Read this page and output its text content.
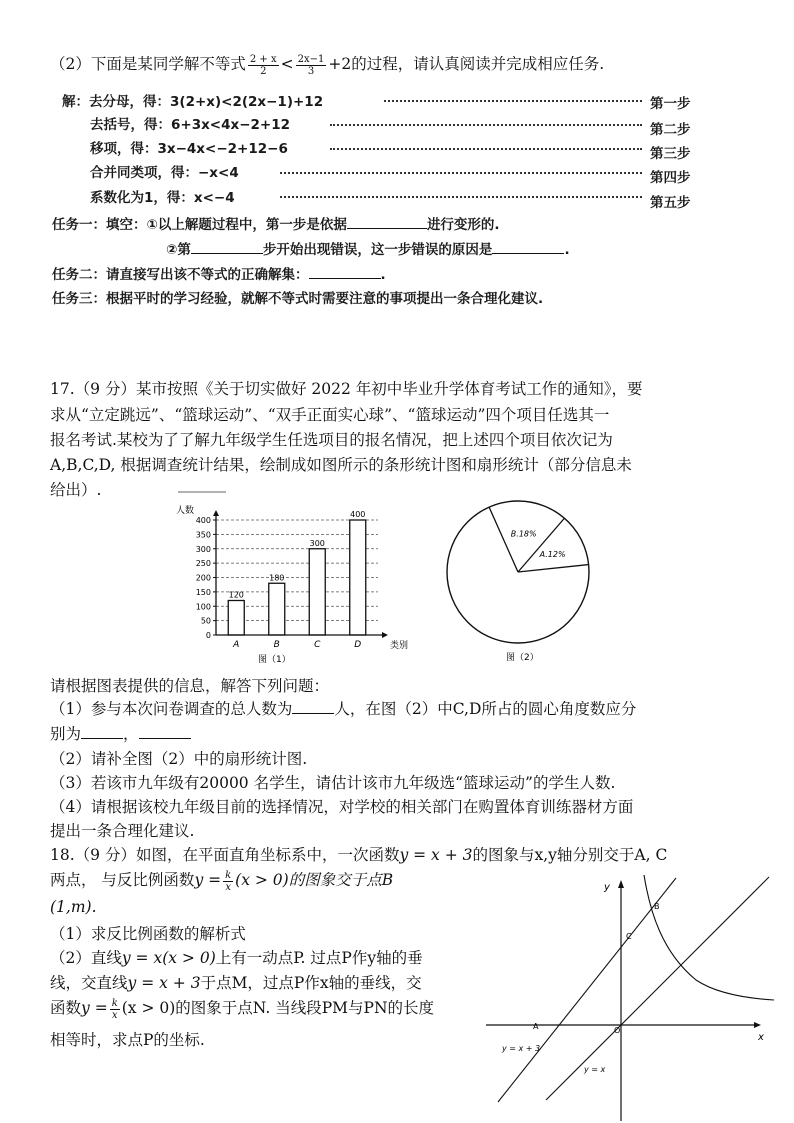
（2）下面是某同学解不等式 $\frac{2 + x}{2} < \frac{2x-1}{3} +2$的过程，请认真阅读并完成相应任务.
解：去分母，得：3(2+x)<2(2x−1)+12	第一步
去括号，得：6+3x<4x−2+12	第二步
移项，得：3x−4x<−2+12−6	第三步
合并同类项，得：−x<4	第四步
系数化为1，得：x<−4	第五步
任务一：填空：①以上解题过程中，第一步是依据	进行变形的.
②第	步开始出现错误，这一步错误的原因是	.
任务二：请直接写出该不等式的正确解集：	.
任务三：根据平时的学习经验，就解不等式时需要注意的事项提出一条合理化建议.
17.（9 分）某市按照《关于切实做好 2022 年初中毕业升学体育考试工作的通知》，要
求从“立定跳远”、“篮球运动”、“双手正面实心球”、“篮球运动”四个项目任选其一
报名考试.某校为了了解九年级学生任选项目的报名情况，把上述四个项目依次记为
A,B,C,D, 根据调查统计结果，绘制成如图所示的条形统计图和扇形统计（部分信息未
给出）.
人数
0
50
100
150
200
250
300
350
400
120
A
180
B
300
C
400
D	类别
图（1）
A.12%
B.18%
图（2）
请根据图表提供的信息，解答下列问题：
（1）参与本次问卷调查的总人数为	人，在图（2）中C,D所占的圆心角度数应分
别为	，
（2）请补全图（2）中的扇形统计图.
（3）若该市九年级有20000 名学生，请估计该市九年级选“篮球运动”的学生人数.
（4）请根据该校九年级目前的选择情况，对学校的相关部门在购置体育训练器材方面
提出一条合理化建议.
18.（9 分）如图，在平面直角坐标系中，一次函数y = x + 3的图象与x,y轴分别交于A, C
两点， 与反比例函数$y = \frac{k}{x} (x > 0)$的图象交于点B
(1,m).
（1）求反比例函数的解析式
（2）直线y = x(x > 0)上有一动点P. 过点P作y轴的垂
线，交直线y = x + 3于点M，过点P作x轴的垂线，交
函数$y = \frac{k}{x} (x > 0)$的图象于点N. 当线段PM与PN的长度
相等时，求点P的坐标.
y
x
O
A
B
C
y = x + 3
y = x
